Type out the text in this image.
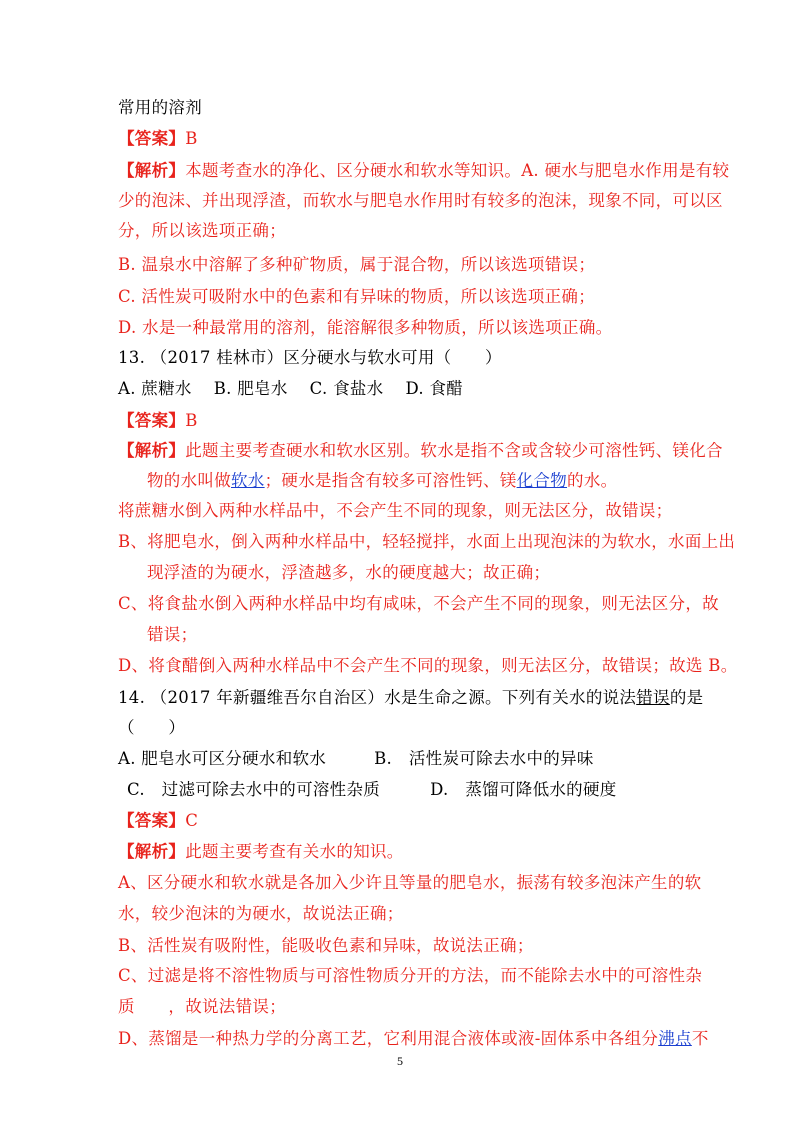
常用的溶剂
【答案】B
【解析】本题考查水的净化、区分硬水和软水等知识。A. 硬水与肥皂水作用是有较
少的泡沫、并出现浮渣，而软水与肥皂水作用时有较多的泡沫，现象不同，可以区
分，所以该选项正确；
B. 温泉水中溶解了多种矿物质，属于混合物，所以该选项错误；
C. 活性炭可吸附水中的色素和有异味的物质，所以该选项正确；
D. 水是一种最常用的溶剂，能溶解很多种物质，所以该选项正确。
13. （2017 桂林市）区分硬水与软水可用（　　）
A. 蔗糖水 B. 肥皂水 C. 食盐水 D. 食醋
【答案】B
【解析】此题主要考查硬水和软水区别。软水是指不含或含较少可溶性钙、镁化合
物的水叫做软水；硬水是指含有较多可溶性钙、镁化合物的水。
将蔗糖水倒入两种水样品中，不会产生不同的现象，则无法区分，故错误；
B、将肥皂水，倒入两种水样品中，轻轻搅拌，水面上出现泡沫的为软水，水面上出
现浮渣的为硬水，浮渣越多，水的硬度越大；故正确；
C、将食盐水倒入两种水样品中均有咸味，不会产生不同的现象，则无法区分，故
错误；
D、将食醋倒入两种水样品中不会产生不同的现象，则无法区分，故错误；故选 B。
14. （2017 年新疆维吾尔自治区）水是生命之源。下列有关水的说法错误的是
（　　）
A. 肥皂水可区分硬水和软水	B.　活性炭可除去水中的异味
C.　过滤可除去水中的可溶性杂质	D.　蒸馏可降低水的硬度
【答案】C
【解析】此题主要考查有关水的知识。
A、区分硬水和软水就是各加入少许且等量的肥皂水，振荡有较多泡沫产生的软
水，较少泡沫的为硬水，故说法正确；
B、活性炭有吸附性，能吸收色素和异味，故说法正确；
C、过滤是将不溶性物质与可溶性物质分开的方法，而不能除去水中的可溶性杂
质　　，故说法错误；
D、蒸馏是一种热力学的分离工艺，它利用混合液体或液-固体系中各组分沸点不
5
